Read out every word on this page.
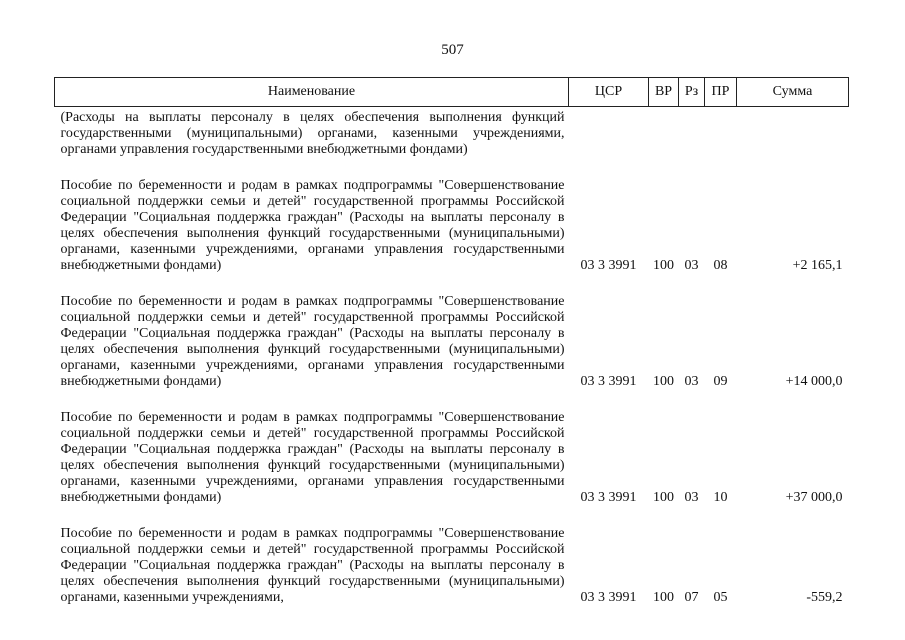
507
Наименование	ЦСР	ВР	Рз	ПР	Сумма
(Расходы на выплаты персоналу в целях обеспечения выполнения функций государственными (муниципальными) органами, казенными учреждениями, органами управления государственными внебюджетными фондами)					

Пособие по беременности и родам в рамках подпрограммы "Совершенствование социальной поддержки семьи и детей" государственной программы Российской Федерации "Социальная поддержка граждан" (Расходы на выплаты персоналу в целях обеспечения выполнения функций государственными (муниципальными) органами, казенными учреждениями, органами управления государственными внебюджетными фондами)	03 3 3991	100	03	08	+2 165,1

Пособие по беременности и родам в рамках подпрограммы "Совершенствование социальной поддержки семьи и детей" государственной программы Российской Федерации "Социальная поддержка граждан" (Расходы на выплаты персоналу в целях обеспечения выполнения функций государственными (муниципальными) органами, казенными учреждениями, органами управления государственными внебюджетными фондами)	03 3 3991	100	03	09	+14 000,0

Пособие по беременности и родам в рамках подпрограммы "Совершенствование социальной поддержки семьи и детей" государственной программы Российской Федерации "Социальная поддержка граждан" (Расходы на выплаты персоналу в целях обеспечения выполнения функций государственными (муниципальными) органами, казенными учреждениями, органами управления государственными внебюджетными фондами)	03 3 3991	100	03	10	+37 000,0

Пособие по беременности и родам в рамках подпрограммы "Совершенствование социальной поддержки семьи и детей" государственной программы Российской Федерации "Социальная поддержка граждан" (Расходы на выплаты персоналу в целях обеспечения выполнения функций государственными (муниципальными) органами, казенными учреждениями,	03 3 3991	100	07	05	-559,2
